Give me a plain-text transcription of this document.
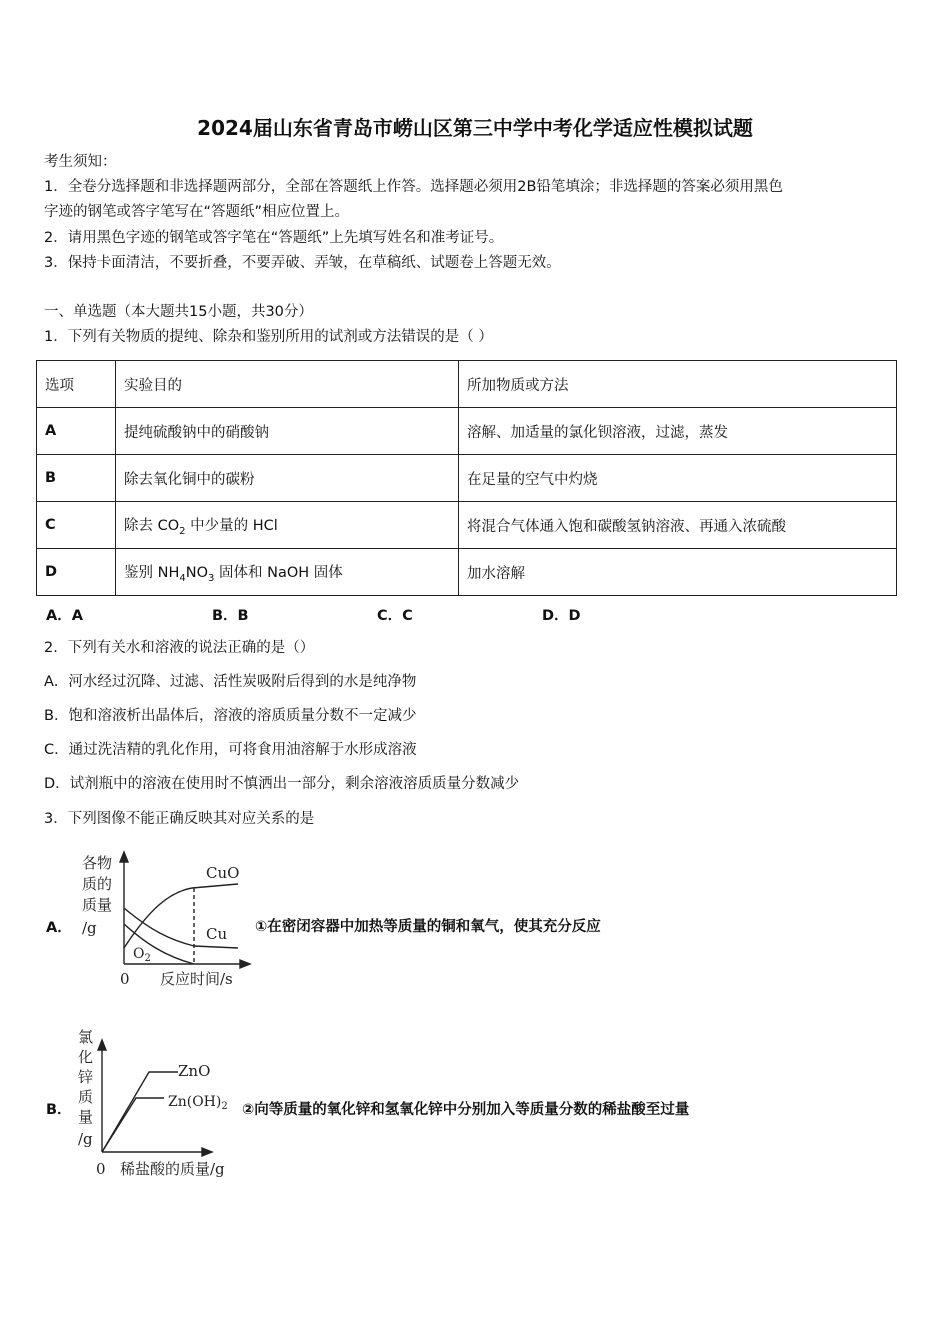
2024届山东省青岛市崂山区第三中学中考化学适应性模拟试题
考生须知：
1．全卷分选择题和非选择题两部分，全部在答题纸上作答。选择题必须用2B铅笔填涂；非选择题的答案必须用黑色
字迹的钢笔或答字笔写在“答题纸”相应位置上。
2．请用黑色字迹的钢笔或答字笔在“答题纸”上先填写姓名和准考证号。
3．保持卡面清洁，不要折叠，不要弄破、弄皱，在草稿纸、试题卷上答题无效。
一、单选题（本大题共15小题，共30分）
1．下列有关物质的提纯、除杂和鉴别所用的试剂或方法错误的是（ ）
选项	实验目的	所加物质或方法
A	提纯硫酸钠中的硝酸钠	溶解、加适量的氯化钡溶液，过滤，蒸发
B	除去氧化铜中的碳粉	在足量的空气中灼烧
C	除去 $CO_2$ 中少量的 HCl	将混合气体通入饱和碳酸氢钠溶液、再通入浓硫酸
D	鉴别 $NH_4NO_3$ 固体和 NaOH 固体	加水溶解
A．A	B．B	C．C	D．D
2．下列有关水和溶液的说法正确的是（）
A．河水经过沉降、过滤、活性炭吸附后得到的水是纯净物
B．饱和溶液析出晶体后，溶液的溶质质量分数不一定减少
C．通过洗洁精的乳化作用，可将食用油溶解于水形成溶液
D．试剂瓶中的溶液在使用时不慎洒出一部分，剩余溶液溶质质量分数减少
3．下列图像不能正确反映其对应关系的是
A．
各物
质的
质量
/g
0 反应时间/s
CuO
Cu
$O_2$
①在密闭容器中加热等质量的铜和氧气，使其充分反应
B．
氯
化
锌
质
量
/g
0 稀盐酸的质量/g
ZnO
$Zn(OH)_2$ ②向等质量的氧化锌和氢氧化锌中分别加入等质量分数的稀盐酸至过量
